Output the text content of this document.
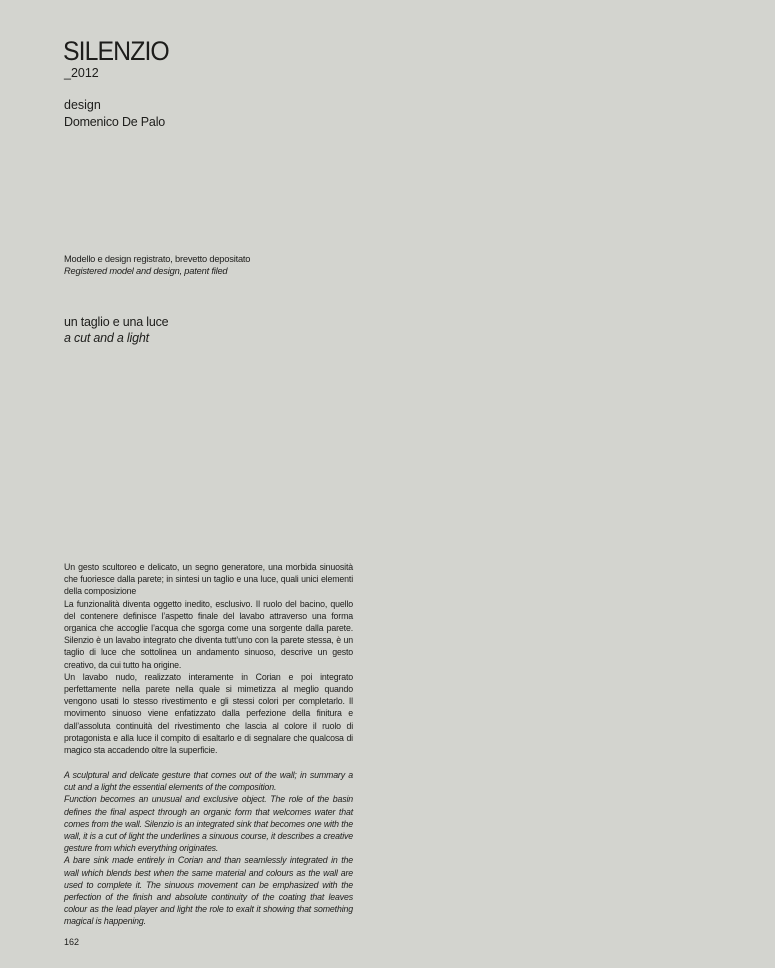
SILENZIO
_2012
design
Domenico De Palo
Modello e design registrato, brevetto depositato
Registered model and design, patent filed
un taglio e una luce
a cut and a light

Un gesto scultoreo e delicato, un segno generatore, una morbida sinuosità che fuoriesce dalla parete; in sintesi un taglio e una luce, quali unici elementi della composizione

La funzionalità diventa oggetto inedito, esclusivo. Il ruolo del bacino, quello del contenere definisce l’aspetto finale del lavabo attraverso una forma organica che accoglie l’acqua che sgorga come una sorgente dalla parete. Silenzio è un lavabo integrato che diventa tutt’uno con la parete stessa, è un taglio di luce che sottolinea un andamento sinuoso, descrive un gesto creativo, da cui tutto ha origine.

Un lavabo nudo, realizzato interamente in Corian e poi integrato perfettamente nella parete nella quale si mimetizza al meglio quando vengono usati lo stesso rivestimento e gli stessi colori per completarlo. Il movimento sinuoso viene enfatizzato dalla perfezione della finitura e dall’assoluta continuità del rivestimento che lascia al colore il ruolo di protagonista e alla luce il compito di esaltarlo e di segnalare che qualcosa di magico sta accadendo oltre la superficie.

A sculptural and delicate gesture that comes out of the wall; in summary a cut and a light the essential elements of the composition.

Function becomes an unusual and exclusive object. The role of the basin defines the final aspect through an organic form that welcomes water that comes from the wall. Silenzio is an integrated sink that becomes one with the wall, it is a cut of light the underlines a sinuous course, it describes a creative gesture from which everything originates.

A bare sink made entirely in Corian and than seamlessly integrated in the wall which blends best when the same material and colours as the wall are used to complete it. The sinuous movement can be emphasized with the perfection of the finish and absolute continuity of the coating that leaves colour as the lead player and light the role to exalt it showing that something magical is happening.

162
